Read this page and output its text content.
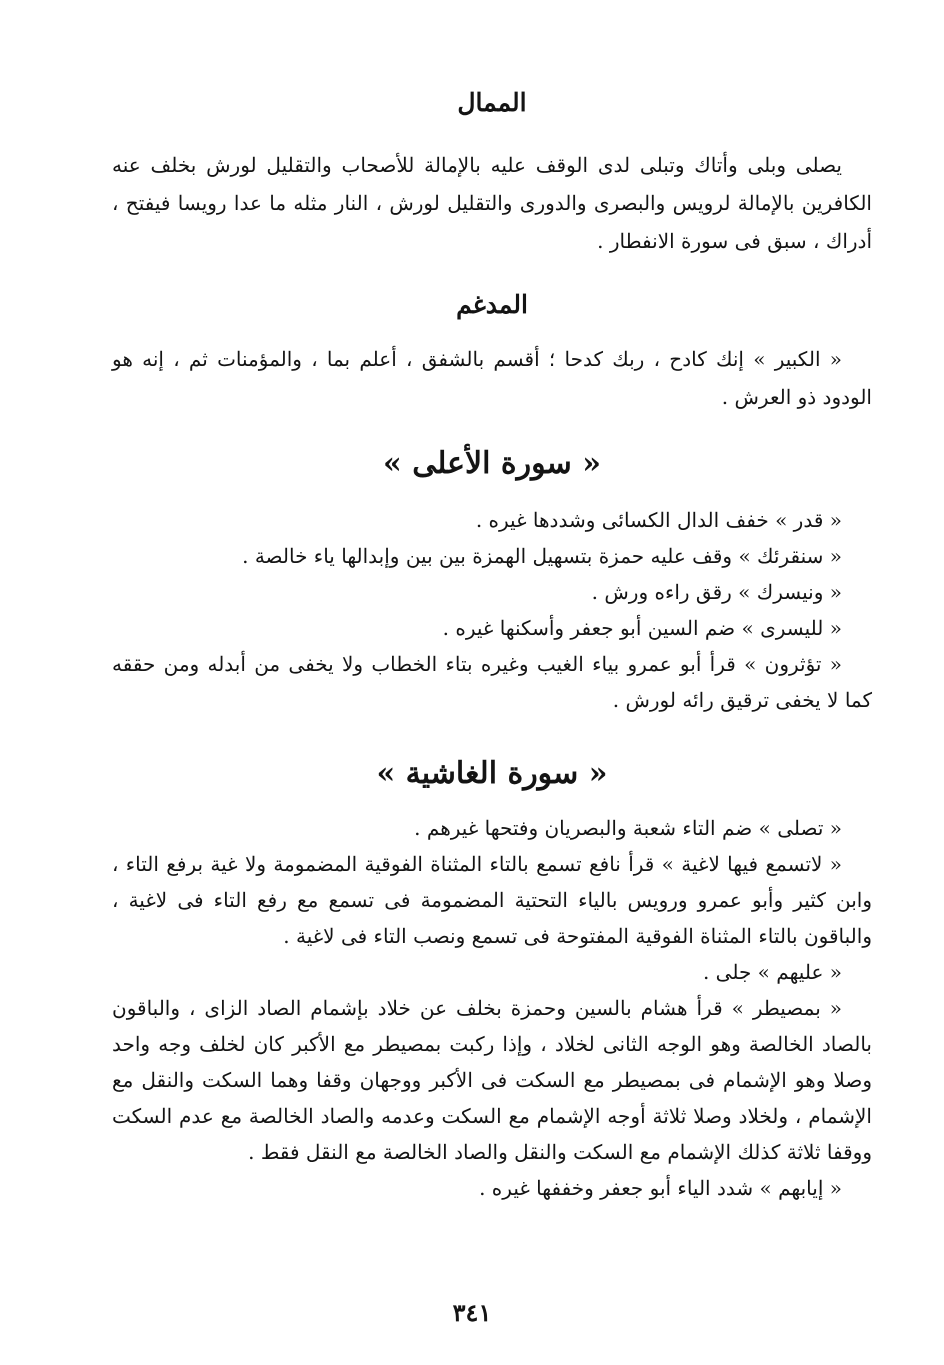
الممال

يصلى وبلى وأتاك وتبلى لدى الوقف عليه بالإمالة للأصحاب والتقليل لورش بخلف عنه الكافرين بالإمالة لرويس والبصرى والدورى والتقليل لورش ، النار مثله ما عدا رويسا فيفتح ، أدراك ، سبق فى سورة الانفطار .

المدغم

« الكبير » إنك كادح ، ربك كدحا ؛ أقسم بالشفق ، أعلم بما ، والمؤمنات ثم ، إنه هو الودود ذو العرش .

« سورة الأعلى »

« قدر » خفف الدال الكسائى وشددها غيره .

« سنقرئك » وقف عليه حمزة بتسهيل الهمزة بين بين وإبدالها ياء خالصة .

« ونيسرك » رقق راءه ورش .

« لليسرى » ضم السين أبو جعفر وأسكنها غيره .

« تؤثرون » قرأ أبو عمرو بياء الغيب وغيره بتاء الخطاب ولا يخفى من أبدله ومن حققه كما لا يخفى ترقيق رائه لورش .

« سورة الغاشية »

« تصلى » ضم التاء شعبة والبصريان وفتحها غيرهم .

« لاتسمع فيها لاغية » قرأ نافع تسمع بالتاء المثناة الفوقية المضمومة ولا غية برفع التاء ، وابن كثير وأبو عمرو ورويس بالياء التحتية المضمومة فى تسمع مع رفع التاء فى لاغية ، والباقون بالتاء المثناة الفوقية المفتوحة فى تسمع ونصب التاء فى لاغية .

« عليهم » جلى .

« بمصيطر » قرأ هشام بالسين وحمزة بخلف عن خلاد بإشمام الصاد الزاى ، والباقون بالصاد الخالصة وهو الوجه الثانى لخلاد ، وإذا ركبت بمصيطر مع الأكبر كان لخلف وجه واحد وصلا وهو الإشمام فى بمصيطر مع السكت فى الأكبر ووجهان وقفا وهما السكت والنقل مع الإشمام ، ولخلاد وصلا ثلاثة أوجه الإشمام مع السكت وعدمه والصاد الخالصة مع عدم السكت ووقفا ثلاثة كذلك الإشمام مع السكت والنقل والصاد الخالصة مع النقل فقط .

« إيابهم » شدد الياء أبو جعفر وخففها غيره .

٣٤١
